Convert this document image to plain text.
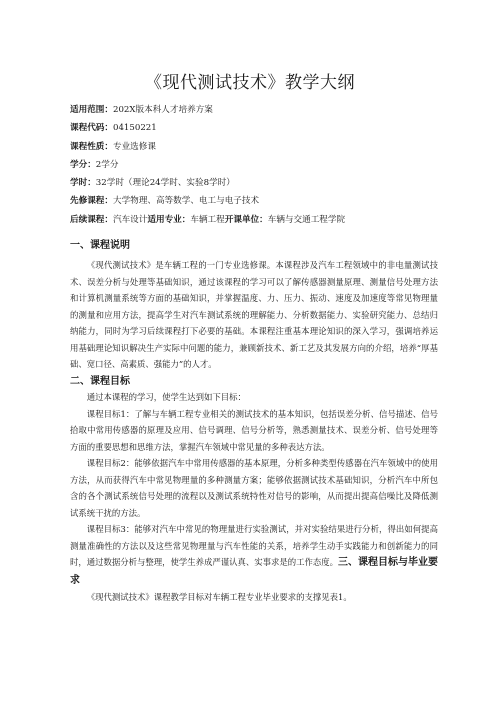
《现代测试技术》教学大纲
适用范围：202X版本科人才培养方案
课程代码：04150221
课程性质：专业选修课
学分：2学分
学时：32学时（理论24学时、实验8学时）
先修课程：大学物理、高等数学、电工与电子技术
后续课程：汽车设计适用专业：车辆工程开课单位：车辆与交通工程学院
一、课程说明

《现代测试技术》是车辆工程的一门专业选修课。本课程涉及汽车工程领域中的非电量测试技术、误差分析与处理等基础知识，通过该课程的学习可以了解传感器测量原理、测量信号处理方法和计算机测量系统等方面的基础知识，并掌握温度、力、压力、振动、速度及加速度等常见物理量的测量和应用方法，提高学生对汽车测试系统的理解能力、分析数据能力、实验研究能力、总结归纳能力，同时为学习后续课程打下必要的基础。本课程注重基本理论知识的深入学习，强调培养运用基础理论知识解决生产实际中问题的能力，兼顾新技术、新工艺及其发展方向的介绍，培养“厚基础、宽口径、高素质、强能力”的人才。

二、课程目标

通过本课程的学习，使学生达到如下目标：

课程目标1：了解与车辆工程专业相关的测试技术的基本知识，包括误差分析、信号描述、信号拾取中常用传感器的原理及应用、信号调理、信号分析等，熟悉测量技术、误差分析、信号处理等方面的重要思想和思维方法，掌握汽车领域中常见量的多种表达方法。

课程目标2：能够依据汽车中常用传感器的基本原理，分析多种类型传感器在汽车领域中的使用方法，从而获得汽车中常见物理量的多种测量方案；能够依据测试技术基础知识，分析汽车中所包含的各个测试系统信号处理的流程以及测试系统特性对信号的影响，从而提出提高信噪比及降低测试系统干扰的方法。

课程目标3：能够对汽车中常见的物理量进行实验测试，并对实验结果进行分析，得出如何提高测量准确性的方法以及这些常见物理量与汽车性能的关系，培养学生动手实践能力和创新能力的同时，通过数据分析与整理，使学生养成严谨认真、实事求是的工作态度。三、课程目标与毕业要求

《现代测试技术》课程教学目标对车辆工程专业毕业要求的支撑见表1。
